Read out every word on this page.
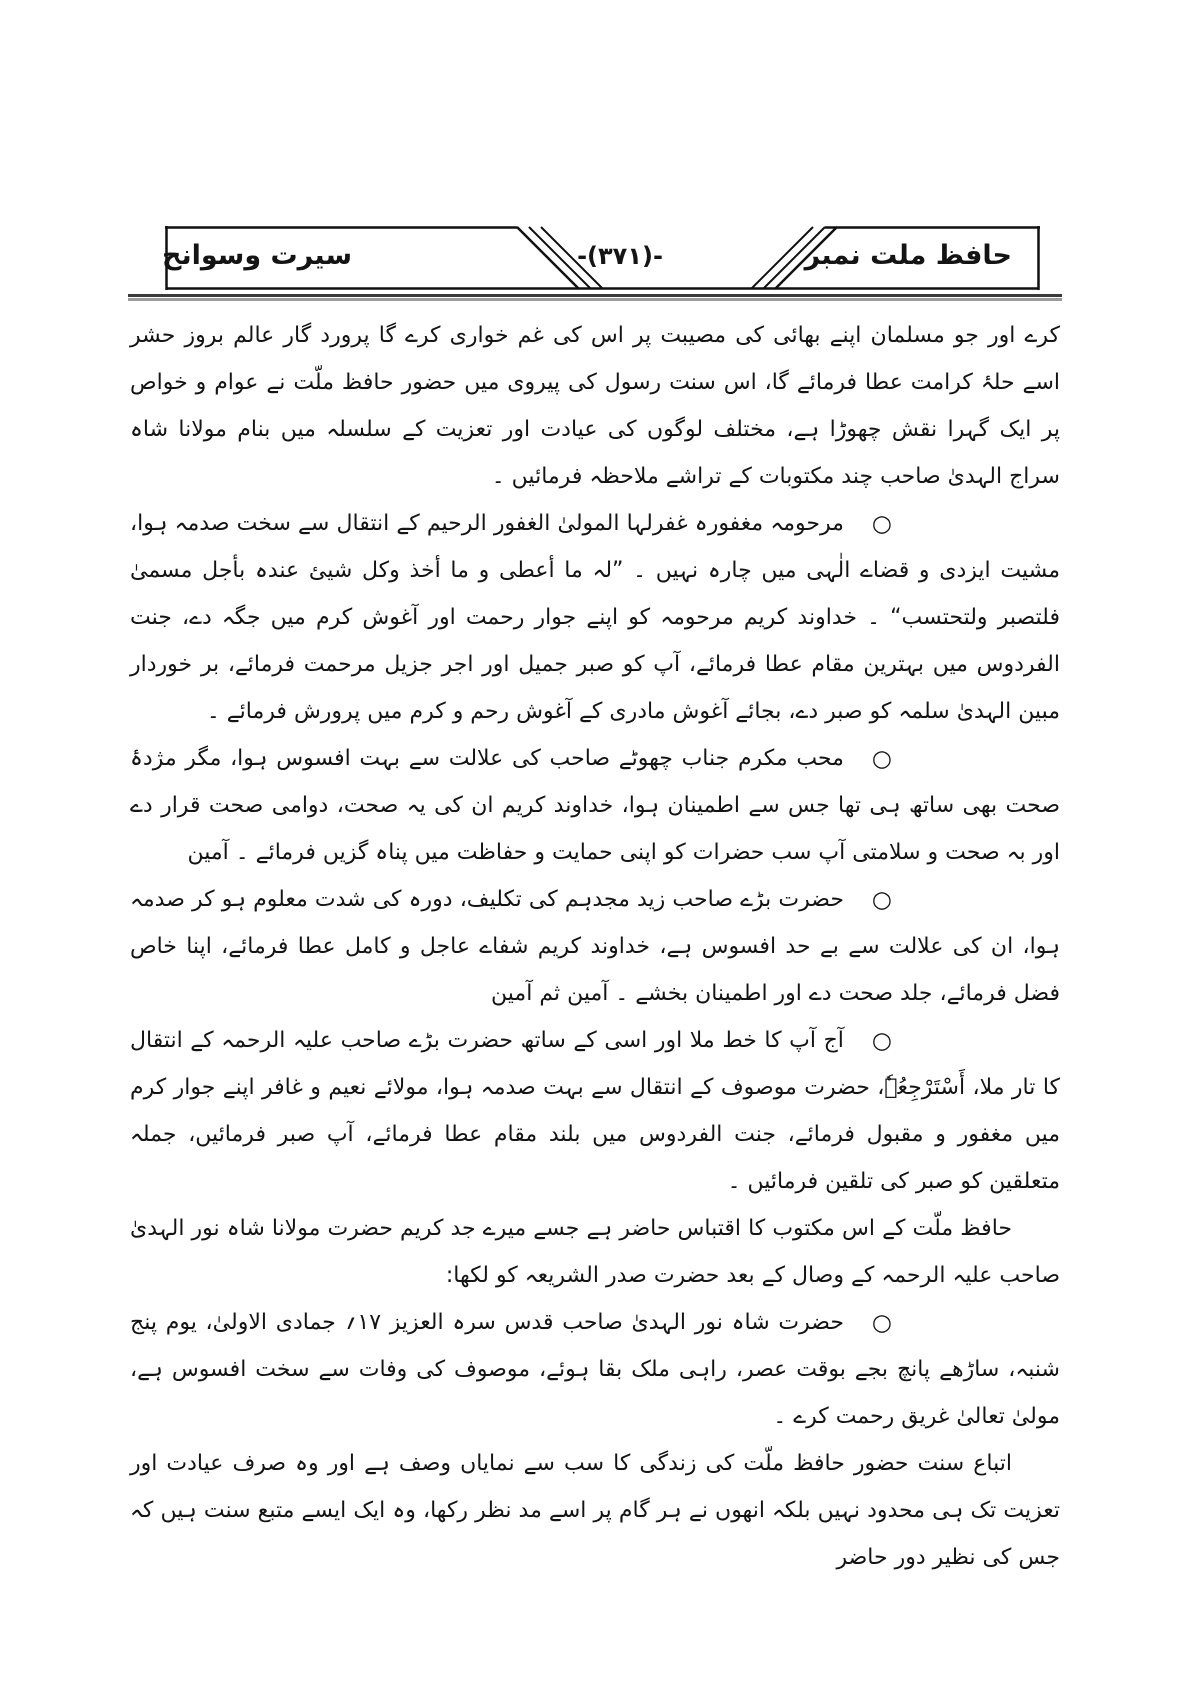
سیرت وسوانح	-(۳۷۱)-	حافظ ملت نمبر

کرے اور جو مسلمان اپنے بھائی کی مصیبت پر اس کی غم خواری کرے گا پرورد گار عالم بروز حشر اسے حلۂ کرامت عطا فرمائے گا، اس سنت رسول کی پیروی میں حضور حافظ ملّت نے عوام و خواص پر ایک گہرا نقش چھوڑا ہے، مختلف لوگوں کی عیادت اور تعزیت کے سلسلہ میں بنام مولانا شاہ سراج الہدیٰ صاحب چند مکتوبات کے تراشے ملاحظہ فرمائیں ۔

○مرحومہ مغفورہ غفرلہا المولیٰ الغفور الرحیم کے انتقال سے سخت صدمہ ہوا، مشیت ایزدی و قضاے الٰہی میں چارہ نہیں ۔ ”لہ ما أعطی و ما أخذ وکل شیئ عندہ بأجل مسمیٰ فلتصبر ولتحتسب“ ۔ خداوند کریم مرحومہ کو اپنے جوار رحمت اور آغوش کرم میں جگہ دے، جنت الفردوس میں بہترین مقام عطا فرمائے، آپ کو صبر جمیل اور اجر جزیل مرحمت فرمائے، بر خوردار مبین الہدیٰ سلمہ کو صبر دے، بجائے آغوش مادری کے آغوش رحم و کرم میں پرورش فرمائے ۔

○محب مکرم جناب چھوٹے صاحب کی علالت سے بہت افسوس ہوا، مگر مژدۂ صحت بھی ساتھ ہی تھا جس سے اطمینان ہوا، خداوند کریم ان کی یہ صحت، دوامی صحت قرار دے اور بہ صحت و سلامتی آپ سب حضرات کو اپنی حمایت و حفاظت میں پناہ گزیں فرمائے ۔ آمین

○حضرت بڑے صاحب زید مجدہم کی تکلیف، دورہ کی شدت معلوم ہو کر صدمہ ہوا، ان کی علالت سے بے حد افسوس ہے، خداوند کریم شفاے عاجل و کامل عطا فرمائے، اپنا خاص فضل فرمائے، جلد صحت دے اور اطمینان بخشے ۔ آمین ثم آمین

○آج آپ کا خط ملا اور اسی کے ساتھ حضرت بڑے صاحب علیہ الرحمہ کے انتقال کا تار ملا، أَسْتَرْجِعُہٗ، حضرت موصوف کے انتقال سے بہت صدمہ ہوا، مولائے نعیم و غافر اپنے جوار کرم میں مغفور و مقبول فرمائے، جنت الفردوس میں بلند مقام عطا فرمائے، آپ صبر فرمائیں، جملہ متعلقین کو صبر کی تلقین فرمائیں ۔

حافظ ملّت کے اس مکتوب کا اقتباس حاضر ہے جسے میرے جد کریم حضرت مولانا شاہ نور الہدیٰ صاحب علیہ الرحمہ کے وصال کے بعد حضرت صدر الشریعہ کو لکھا:

○حضرت شاہ نور الہدیٰ صاحب قدس سرہ العزیز ۱۷؍ جمادی الاولیٰ، یوم پنج شنبہ، ساڑھے پانچ بجے بوقت عصر، راہی ملک بقا ہوئے، موصوف کی وفات سے سخت افسوس ہے، مولیٰ تعالیٰ غریق رحمت کرے ۔

اتباع سنت حضور حافظ ملّت کی زندگی کا سب سے نمایاں وصف ہے اور وہ صرف عیادت اور تعزیت تک ہی محدود نہیں بلکہ انھوں نے ہر گام پر اسے مد نظر رکھا، وہ ایک ایسے متبع سنت ہیں کہ جس کی نظیر دور حاضر
